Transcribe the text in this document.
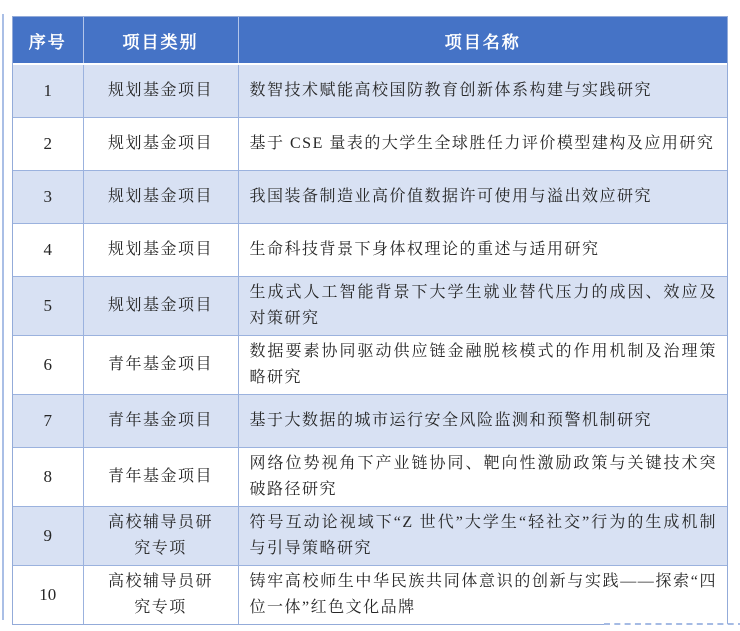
序号	项目类别	项目名称
1	规划基金项目	数智技术赋能高校国防教育创新体系构建与实践研究
2	规划基金项目	基于 CSE 量表的大学生全球胜任力评价模型建构及应用研究
3	规划基金项目	我国装备制造业高价值数据许可使用与溢出效应研究
4	规划基金项目	生命科技背景下身体权理论的重述与适用研究
5	规划基金项目	生成式人工智能背景下大学生就业替代压力的成因、效应及对策研究
6	青年基金项目	数据要素协同驱动供应链金融脱核模式的作用机制及治理策略研究
7	青年基金项目	基于大数据的城市运行安全风险监测和预警机制研究
8	青年基金项目	网络位势视角下产业链协同、靶向性激励政策与关键技术突破路径研究
9	高校辅导员研究专项	符号互动论视域下“Z 世代”大学生“轻社交”行为的生成机制与引导策略研究
10	高校辅导员研究专项	铸牢高校师生中华民族共同体意识的创新与实践——探索“四位一体”红色文化品牌
